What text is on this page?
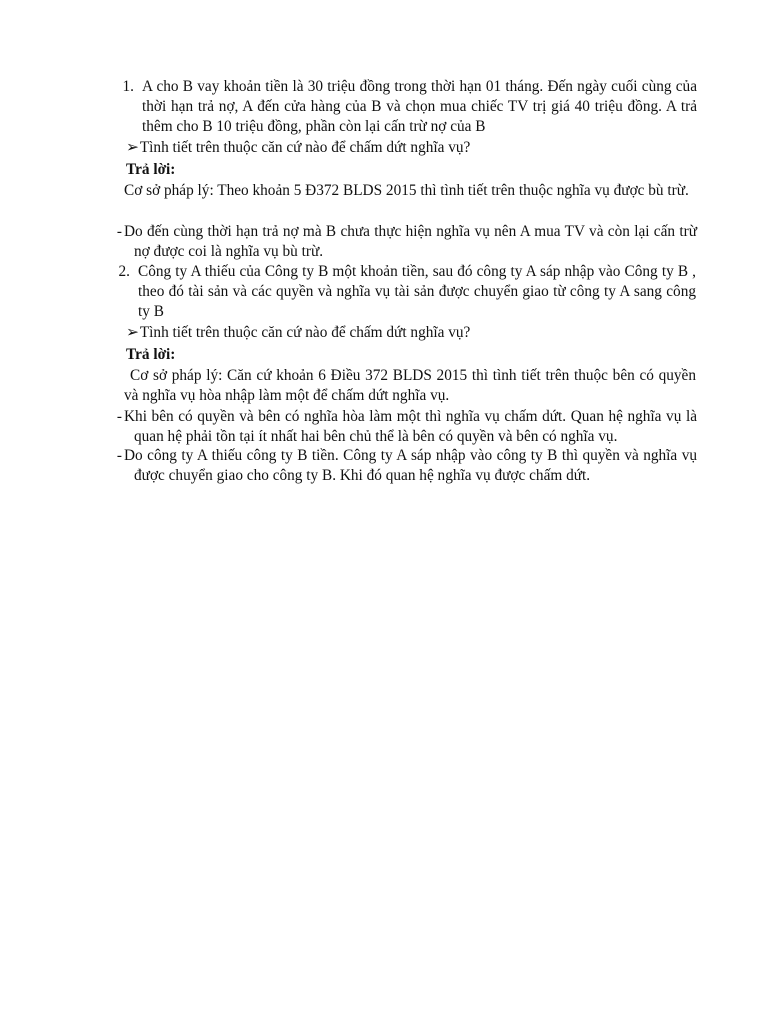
1. A cho B vay khoản tiền là 30 triệu đồng trong thời hạn 01 tháng. Đến ngày cuối cùng của thời hạn trả nợ, A đến cửa hàng của B và chọn mua chiếc TV trị giá 40 triệu đồng. A trả thêm cho B 10 triệu đồng, phần còn lại cấn trừ nợ của B
➢Tình tiết trên thuộc căn cứ nào để chấm dứt nghĩa vụ?
Trả lời:
Cơ sở pháp lý: Theo khoản 5 Đ372 BLDS 2015 thì tình tiết trên thuộc nghĩa vụ được bù trừ.
- Do đến cùng thời hạn trả nợ mà B chưa thực hiện nghĩa vụ nên A mua TV và còn lại cấn trừ nợ được coi là nghĩa vụ bù trừ.
2. Công ty A thiếu của Công ty B một khoản tiền, sau đó công ty A sáp nhập vào Công ty B , theo đó tài sản và các quyền và nghĩa vụ tài sản được chuyển giao từ công ty A sang công ty B
➢Tình tiết trên thuộc căn cứ nào để chấm dứt nghĩa vụ?
Trả lời:
Cơ sở pháp lý: Căn cứ khoản 6 Điều 372 BLDS 2015 thì tình tiết trên thuộc bên có quyền và nghĩa vụ hòa nhập làm một để chấm dứt nghĩa vụ.
- Khi bên có quyền và bên có nghĩa hòa làm một thì nghĩa vụ chấm dứt. Quan hệ nghĩa vụ là quan hệ phải tồn tại ít nhất hai bên chủ thể là bên có quyền và bên có nghĩa vụ.
- Do công ty A thiếu công ty B tiền. Công ty A sáp nhập vào công ty B thì quyền và nghĩa vụ được chuyển giao cho công ty B. Khi đó quan hệ nghĩa vụ được chấm dứt.
